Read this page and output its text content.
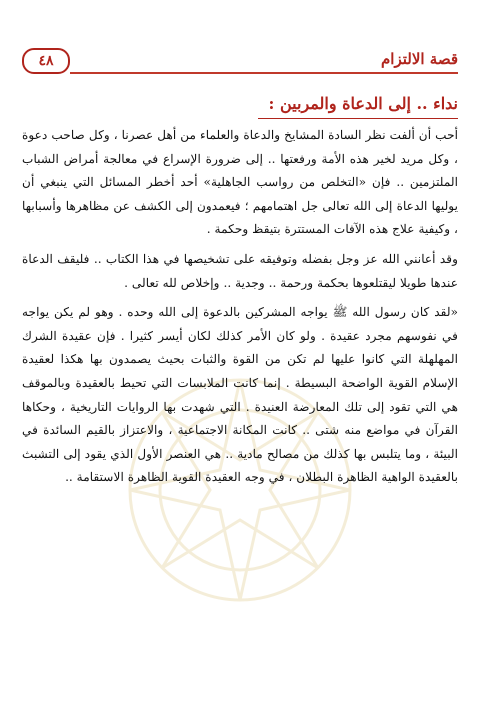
٤٨	قصة الالتزام
نداء .. إلى الدعاة والمربين :

أحب أن ألفت نظر السادة المشايخ والدعاة والعلماء من أهل عصرنا ، وكل صاحب دعوة ، وكل مريد لخير هذه الأمة ورفعتها .. إلى ضرورة الإسراع في معالجة أمراض الشباب الملتزمين .. فإن «التخلص من رواسب الجاهلية» أحد أخطر المسائل التي ينبغي أن يوليها الدعاة إلى الله تعالى جل اهتمامهم ؛ فيعمدون إلى الكشف عن مظاهرها وأسبابها ، وكيفية علاج هذه الآفات المستترة بتيقظ وحكمة .

وقد أعانني الله عز وجل بفضله وتوفيقه على تشخيصها في هذا الكتاب .. فليقف الدعاة عندها طويلا ليقتلعوها بحكمة ورحمة .. وجدية .. وإخلاص لله تعالى .

«لقد كان رسول الله ﷺ يواجه المشركين بالدعوة إلى الله وحده . وهو لم يكن يواجه في نفوسهم مجرد عقيدة . ولو كان الأمر كذلك لكان أيسر كثيرا . فإن عقيدة الشرك المهلهلة التي كانوا عليها لم تكن من القوة والثبات بحيث يصمدون بها هكذا لعقيدة الإسلام القوية الواضحة البسيطة . إنما كانت الملابسات التي تحيط بالعقيدة وبالموقف هي التي تقود إلى تلك المعارضة العنيدة . التي شهدت بها الروايات التاريخية ، وحكاها القرآن في مواضع منه شتى .. كانت المكانة الاجتماعية ، والاعتزاز بالقيم السائدة في البيئة ، وما يتلبس بها كذلك من مصالح مادية .. هي العنصر الأول الذي يقود إلى التشبث بالعقيدة الواهية الظاهرة البطلان ، في وجه العقيدة القوية الظاهرة الاستقامة ..
